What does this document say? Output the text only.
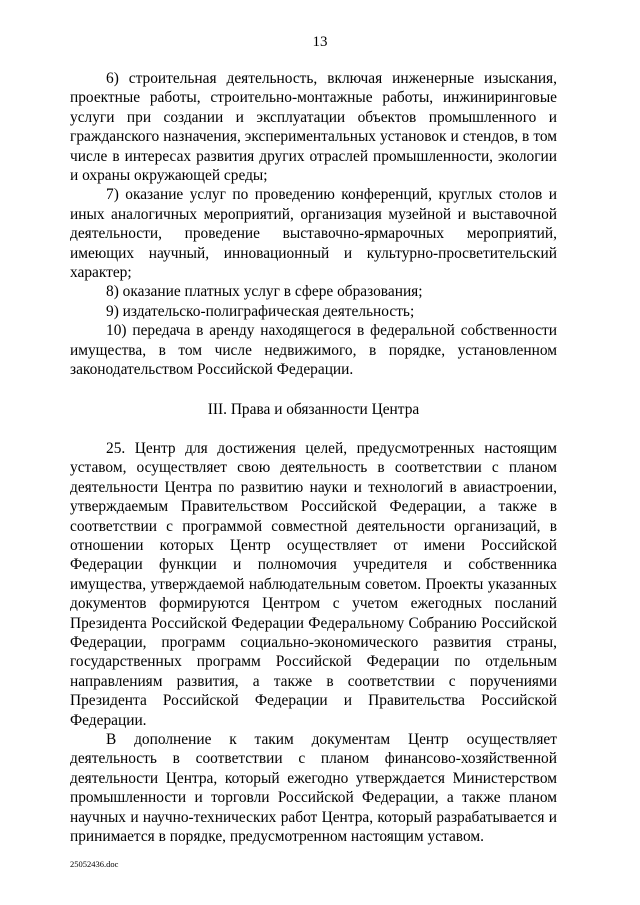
13

6) строительная деятельность, включая инженерные изыскания, проектные работы, строительно-монтажные работы, инжиниринговые услуги при создании и эксплуатации объектов промышленного и гражданского назначения, экспериментальных установок и стендов, в том числе в интересах развития других отраслей промышленности, экологии и охраны окружающей среды;

7) оказание услуг по проведению конференций, круглых столов и иных аналогичных мероприятий, организация музейной и выставочной деятельности, проведение выставочно-ярмарочных мероприятий, имеющих научный, инновационный и культурно-просветительский характер;

8) оказание платных услуг в сфере образования;

9) издательско-полиграфическая деятельность;

10) передача в аренду находящегося в федеральной собственности имущества, в том числе недвижимого, в порядке, установленном законодательством Российской Федерации.

III. Права и обязанности Центра

25. Центр для достижения целей, предусмотренных настоящим уставом, осуществляет свою деятельность в соответствии с планом деятельности Центра по развитию науки и технологий в авиастроении, утверждаемым Правительством Российской Федерации, а также в соответствии с программой совместной деятельности организаций, в отношении которых Центр осуществляет от имени Российской Федерации функции и полномочия учредителя и собственника имущества, утверждаемой наблюдательным советом. Проекты указанных документов формируются Центром с учетом ежегодных посланий Президента Российской Федерации Федеральному Собранию Российской Федерации, программ социально-экономического развития страны, государственных программ Российской Федерации по отдельным направлениям развития, а также в соответствии с поручениями Президента Российской Федерации и Правительства Российской Федерации.

В дополнение к таким документам Центр осуществляет деятельность в соответствии с планом финансово-хозяйственной деятельности Центра, который ежегодно утверждается Министерством промышленности и торговли Российской Федерации, а также планом научных и научно-технических работ Центра, который разрабатывается и принимается в порядке, предусмотренном настоящим уставом.

25052436.doc
